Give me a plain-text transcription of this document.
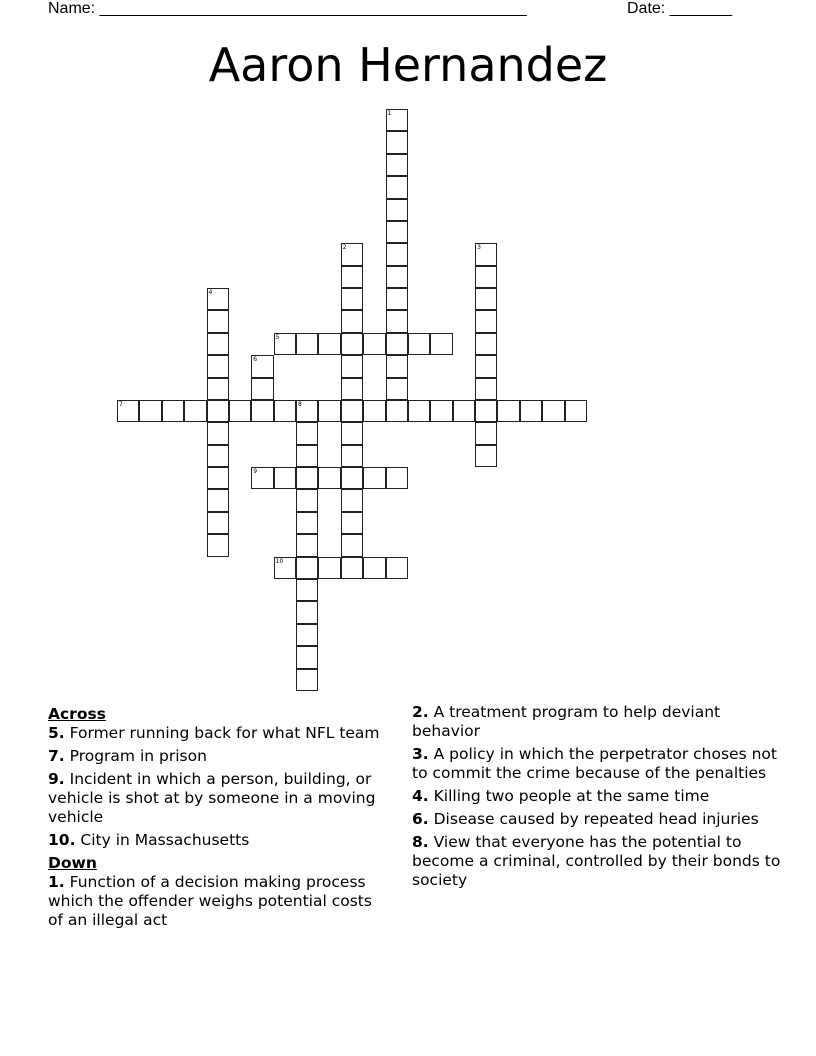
Name: ________________________________________________	Date: _______
Aaron Hernandez
1
2	3
4
5
6
7	8
9
10
Across
5. Former running back for what NFL team
7. Program in prison
9. Incident in which a person, building, or vehicle is shot at by someone in a moving vehicle
10. City in Massachusetts
Down
1. Function of a decision making process which the offender weighs potential costs of an illegal act
2. A treatment program to help deviant behavior
3. A policy in which the perpetrator choses not to commit the crime because of the penalties
4. Killing two people at the same time
6. Disease caused by repeated head injuries
8. View that everyone has the potential to become a criminal, controlled by their bonds to society
